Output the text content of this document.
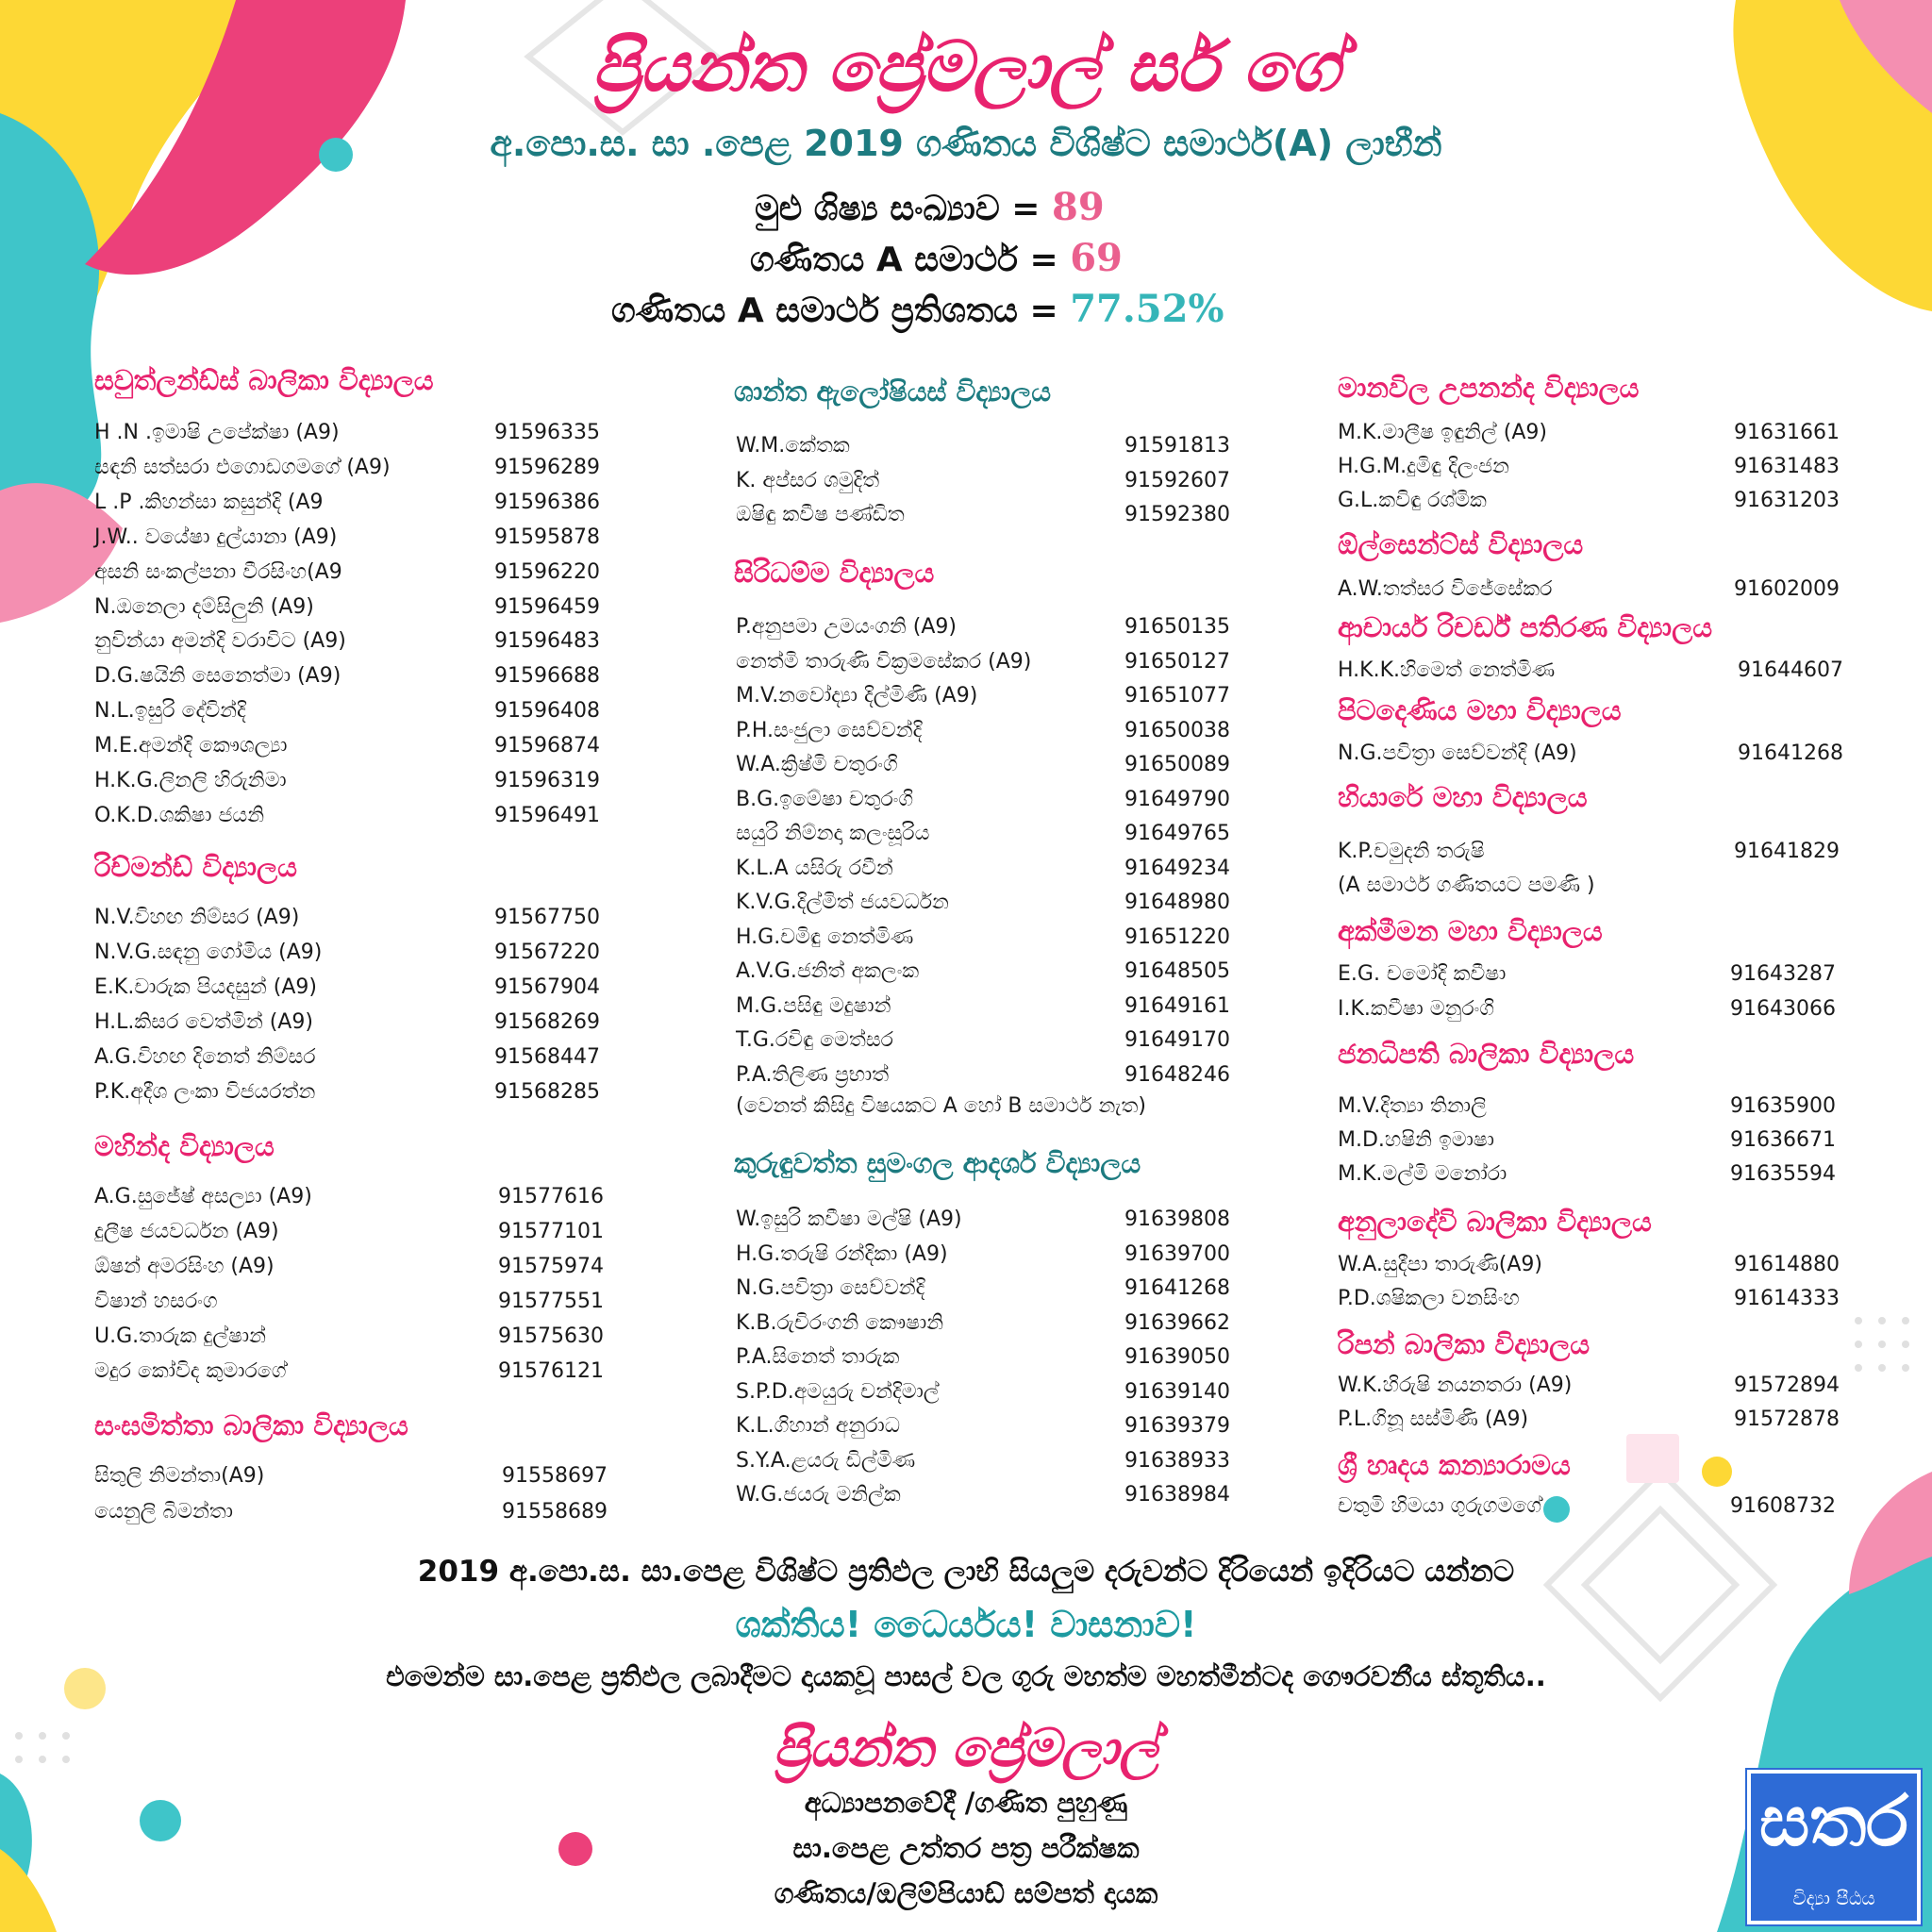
ප්‍රියන්ත ප්‍රේමලාල් සර් ගේ
අ.පො.ස. සා .පෙළ 2019 ගණිතය විශිෂ්ට සමාර්ථ(A) ලාභීන්
මුළු ශිෂ්‍ය සංඛ්‍යාව = 89
ගණිතය A සමාර්ථ = 69
ගණිතය A සමාර්ථ ප්‍රතිශතය = 77.52%
සවුත්ලන්ඩ්ස් බාලිකා විද්‍යාලය
H .N .ඉමාෂි උපේක්ෂා (A9)	91596335
සඳනි සත්සරා එගොඩගමගේ (A9)	91596289
L .P .කිහන්සා කසුන්දි (A9	91596386
J.W.. වයේෂා දුල්යානා (A9)	91595878
අසනි සංකල්පනා වීරසිංහ(A9	91596220
N.ඔනෙලා දම්සිලුනි (A9)	91596459
නුවින්යා අමන්දි වරාවිට (A9)	91596483
D.G.ෂයිනි සෙනෙත්මා (A9)	91596688
N.L.ඉසුරි දේවින්දි	91596408
M.E.අමන්දි කෞශල්‍යා	91596874
H.K.G.ලිනලි හිරුනිමා	91596319
O.K.D.ශකිෂා ජයනි	91596491
රිච්මන්ඩ් විද්‍යාලය
N.V.විහඟ නිම්සර (A9)	91567750
N.V.G.සඳනු ගෝමිය (A9)	91567220
E.K.චාරුක පියදසුන් (A9)	91567904
H.L.කිසර වෙත්මින් (A9)	91568269
A.G.විහඟ දිනෙත් නිම්සර	91568447
P.K.අදීශ ලංකා විජයරත්න	91568285
මහින්ද විද්‍යාලය
A.G.සුජේෂ් අසල්‍යා (A9)	91577616
දුලීෂ ජයවර්ධන (A9)	91577101
ඕෂන් අමරසිංහ (A9)	91575974
විෂාන් හසරංග	91577551
U.G.තාරුක දුල්ෂාන්	91575630
මදුර කෝවිද කුමාරගේ	91576121
සංඝමිත්තා බාලිකා විද්‍යාලය
සිතුලි නිමන්තා(A9)	91558697
යෙනුලි බිමන්තා	91558689
ශාන්ත ඇලෝෂියස් විද්‍යාලය
W.M.කේතක	91591813
K. අප්සර ශමුදිත්	91592607
ඔෂිඳු කවීෂ පණ්ඩිත	91592380
සිරිධම්ම විද්‍යාලය
P.අනුපමා උමයංගනි (A9)	91650135
නෙත්මි තාරුණි වික්‍රමසේකර (A9)	91650127
M.V.නවෝද්‍යා දිල්මිණි (A9)	91651077
P.H.සංජුලා සෙව්වන්දි	91650038
W.A.ක්‍රිෂ්මි චතුරංගි	91650089
B.G.ඉමේෂා චතුරංගි	91649790
සයුරි නිම්නදා කලංසූරිය	91649765
K.L.A යසිරු රවීන්	91649234
K.V.G.දිල්මිත් ජයවර්ධන	91648980
H.G.චමිඳු නෙත්මිණ	91651220
A.V.G.ජනිත් අකලංක	91648505
M.G.පසිඳු මදුෂාන්	91649161
T.G.රවිඳු මෙත්සර	91649170
P.A.තිලිණ ප්‍රභාත්	91648246
(වෙනත් කිසිදු විෂයකට A හෝ B සමාර්ථ නැත)
කුරුඳුවත්ත සුමංගල ආදර්ශ විද්‍යාලය
W.ඉසුරි කවීෂා මල්ෂි (A9)	91639808
H.G.තරුෂි රන්දිකා (A9)	91639700
N.G.පවිත්‍රා සෙව්වන්දි	91641268
K.B.රුචිරංගනි කෞෂානි	91639662
P.A.සිනෙත් තාරුක	91639050
S.P.D.අමයුරු චන්දිමාල්	91639140
K.L.ගිහාන් අනුරාධ	91639379
S.Y.A.ළයරු ඩිල්මිණ	91638933
W.G.ජයරු මනිල්ක	91638984
මානවිල උපනන්ද විද්‍යාලය
M.K.මාලීෂ ඉඳුනිල් (A9)	91631661
H.G.M.දුමිඳු දිලංජන	91631483
G.L.කවිඳු රශ්මික	91631203
ඕල්සෙන්ට්ස් විද්‍යාලය
A.W.තත්සර විජේසේකර	91602009
ආචාර්ය රිචර්ඩ් පතිරණ විද්‍යාලය
H.K.K.හිමෙත් නෙත්මිණ	91644607
පිටදෙණිය මහා විද්‍යාලය
N.G.පවිත්‍රා සෙව්වන්දි (A9)	91641268
හියාරේ මහා විද්‍යාලය
K.P.චමුදනි තරුෂි	91641829
(A සමාර්ථ ගණිතයට පමණි )
අක්මීමන මහා විද්‍යාලය
E.G. චමෝදි කවීෂා	91643287
I.K.කවීෂා මනුරංගි	91643066
ජනධිපති බාලිකා විද්‍යාලය
M.V.දිත්‍යා තිනාලි	91635900
M.D.හෂිනි ඉමාෂා	91636671
M.K.මල්මි මනෝරා	91635594
අනුලාදේවි බාලිකා විද්‍යාලය
W.A.සුදීපා තාරුණි(A9)	91614880
P.D.ශෂිකලා වනසිංහ	91614333
රිපන් බාලිකා විද්‍යාලය
W.K.හිරුෂි නයනතරා (A9)	91572894
P.L.ගිනූ සස්මිණි (A9)	91572878
ශ්‍රී හෘදය කන්‍යාරාමය
චතුමි හිමයා ගුරුගමගේ	91608732
2019 අ.පො.ස. සා.පෙළ විශිෂ්ට ප්‍රතිඵල ලාභි සියලුම දරුවන්ට දිරියෙන් ඉදිරියට යන්නට
ශක්තිය! ධෛර්යය! වාසනාව!
එමෙන්ම සා.පෙළ ප්‍රතිඵල ලබාදීමට දායකවූ පාසල් වල ගුරු මහත්ම මහත්මීන්ටද ගෞරවනීය ස්තූතිය..
ප්‍රියන්ත ප්‍රේමලාල්
අධ්‍යාපනවේදී /ගණිත පුහුණු
සා.පෙළ උත්තර පත්‍ර පරීක්ෂක
ගණිතය/ඔලිම්පියාඩ් සම්පත් දායක
සතර
විද්‍යා පීඨය
